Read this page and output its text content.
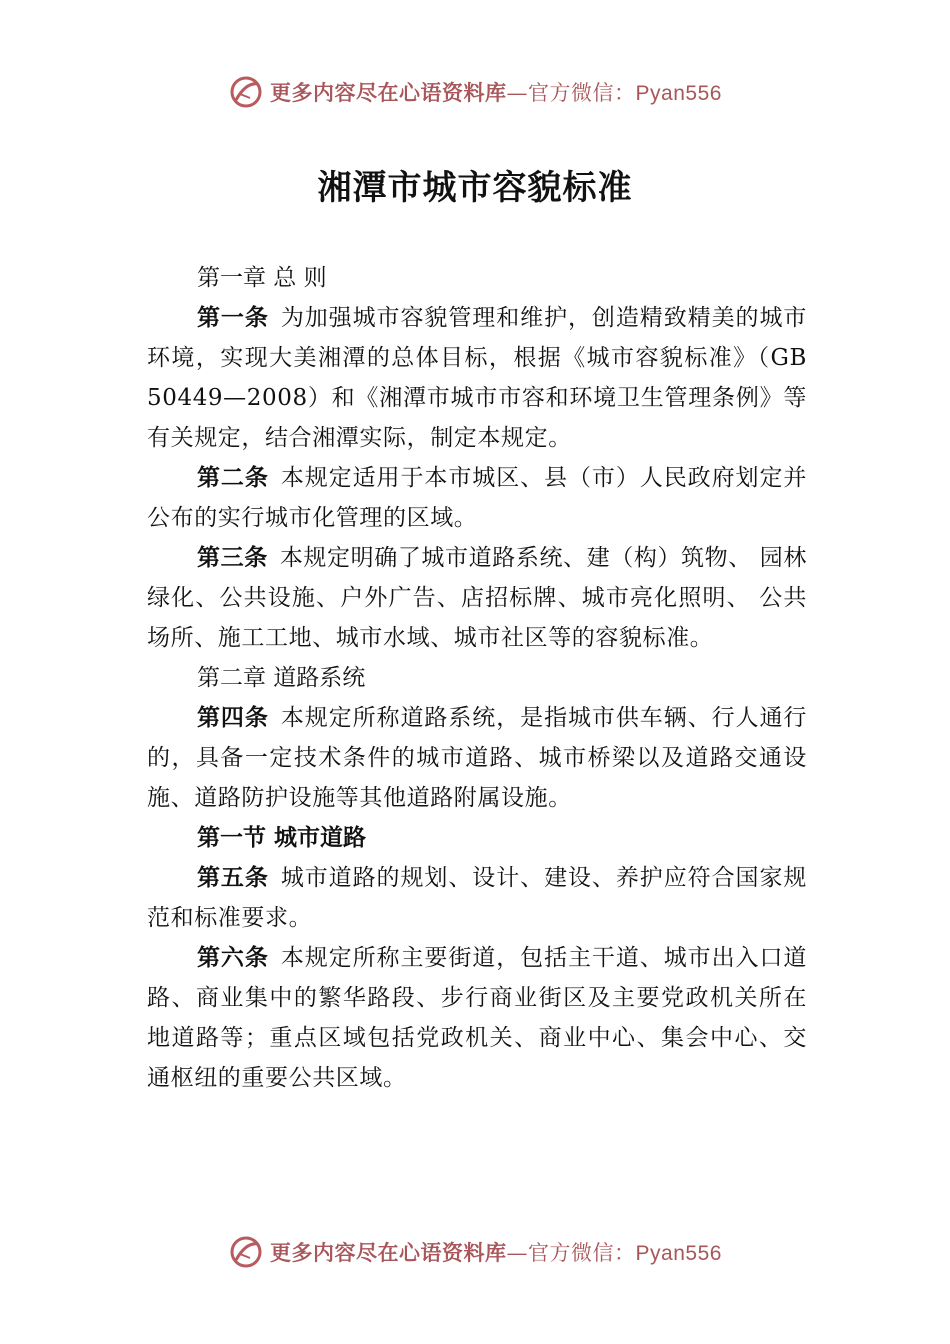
更多内容尽在心语资料库—官方微信：Pyan556
湘潭市城市容貌标准
第一章 总 则

第一条 为加强城市容貌管理和维护，创造精致精美的城市环境，实现大美湘潭的总体目标，根据《城市容貌标准》（GB 50449—2008）和《湘潭市城市市容和环境卫生管理条例》等有关规定，结合湘潭实际，制定本规定。

第二条 本规定适用于本市城区、县（市）人民政府划定并公布的实行城市化管理的区域。

第三条 本规定明确了城市道路系统、建（构）筑物、 园林绿化、公共设施、户外广告、店招标牌、城市亮化照明、 公共场所、施工工地、城市水域、城市社区等的容貌标准。

第二章 道路系统

第四条 本规定所称道路系统，是指城市供车辆、行人通行的，具备一定技术条件的城市道路、城市桥梁以及道路交通设施、道路防护设施等其他道路附属设施。

第一节 城市道路

第五条 城市道路的规划、设计、建设、养护应符合国家规范和标准要求。

第六条 本规定所称主要街道，包括主干道、城市出入口道路、商业集中的繁华路段、步行商业街区及主要党政机关所在地道路等；重点区域包括党政机关、商业中心、集会中心、交通枢纽的重要公共区域。

更多内容尽在心语资料库—官方微信：Pyan556
